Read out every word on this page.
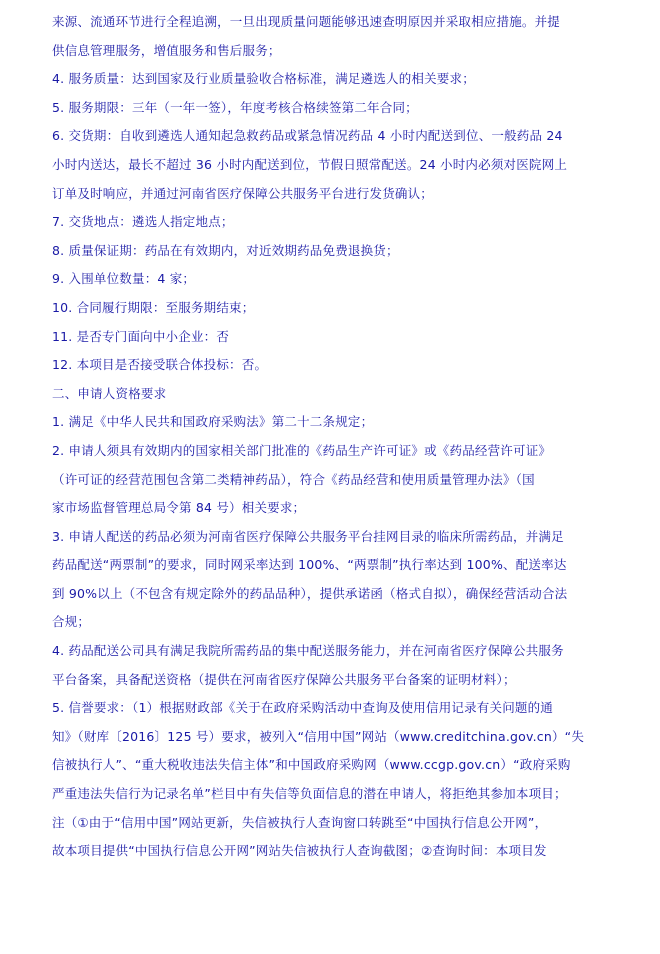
来源、流通环节进行全程追溯，一旦出现质量问题能够迅速查明原因并采取相应措施。并提
供信息管理服务，增值服务和售后服务；
4. 服务质量：达到国家及行业质量验收合格标准，满足遴选人的相关要求；
5. 服务期限：三年（一年一签），年度考核合格续签第二年合同；
6. 交货期：自收到遴选人通知起急救药品或紧急情况药品 4 小时内配送到位、一般药品 24
小时内送达，最长不超过 36 小时内配送到位，节假日照常配送。24 小时内必须对医院网上
订单及时响应，并通过河南省医疗保障公共服务平台进行发货确认；
7. 交货地点：遴选人指定地点；
8. 质量保证期：药品在有效期内，对近效期药品免费退换货；
9. 入围单位数量：4 家；
10. 合同履行期限：至服务期结束；
11. 是否专门面向中小企业：否
12. 本项目是否接受联合体投标：否。
二、申请人资格要求
1. 满足《中华人民共和国政府采购法》第二十二条规定；
2. 申请人须具有效期内的国家相关部门批准的《药品生产许可证》或《药品经营许可证》
（许可证的经营范围包含第二类精神药品），符合《药品经营和使用质量管理办法》（国
家市场监督管理总局令第 84 号）相关要求；
3. 申请人配送的药品必须为河南省医疗保障公共服务平台挂网目录的临床所需药品，并满足
药品配送“两票制”的要求，同时网采率达到 100%、“两票制”执行率达到 100%、配送率达
到 90%以上（不包含有规定除外的药品品种），提供承诺函（格式自拟），确保经营活动合法
合规；
4. 药品配送公司具有满足我院所需药品的集中配送服务能力，并在河南省医疗保障公共服务
平台备案，具备配送资格（提供在河南省医疗保障公共服务平台备案的证明材料）；
5. 信誉要求：（1）根据财政部《关于在政府采购活动中查询及使用信用记录有关问题的通
知》（财库〔2016〕125 号）要求，被列入“信用中国”网站（www.creditchina.gov.cn）“失
信被执行人”、“重大税收违法失信主体”和中国政府采购网（www.ccgp.gov.cn）“政府采购
严重违法失信行为记录名单”栏目中有失信等负面信息的潜在申请人，将拒绝其参加本项目；
注（①由于“信用中国”网站更新，失信被执行人查询窗口转跳至“中国执行信息公开网”，
故本项目提供“中国执行信息公开网”网站失信被执行人查询截图；②查询时间：本项目发
